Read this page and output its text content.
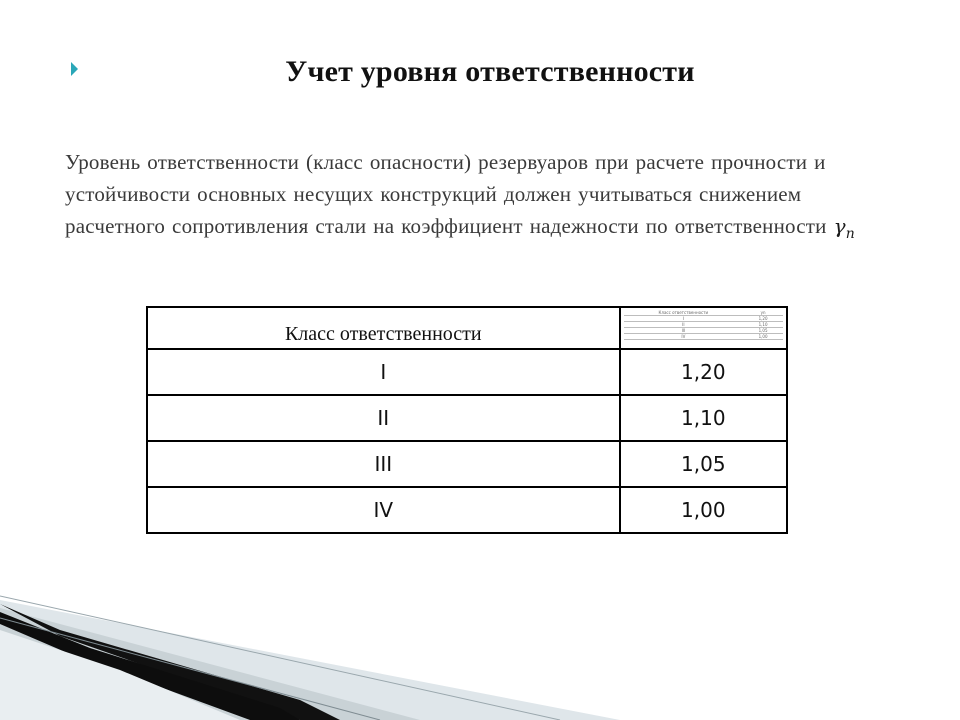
Учет уровня ответственности
Уровень ответственности (класс опасности) резервуаров при расчете прочности и устойчивости основных несущих конструкций должен учитываться снижением расчетного сопротивления стали на коэффициент надежности по ответственности $\gamma_n$
Класс ответственности	
Класс ответственности	γn
I	1,20
II	1,10
III	1,05
IV	1,00

I	1,20
II	1,10
III	1,05
IV	1,00
